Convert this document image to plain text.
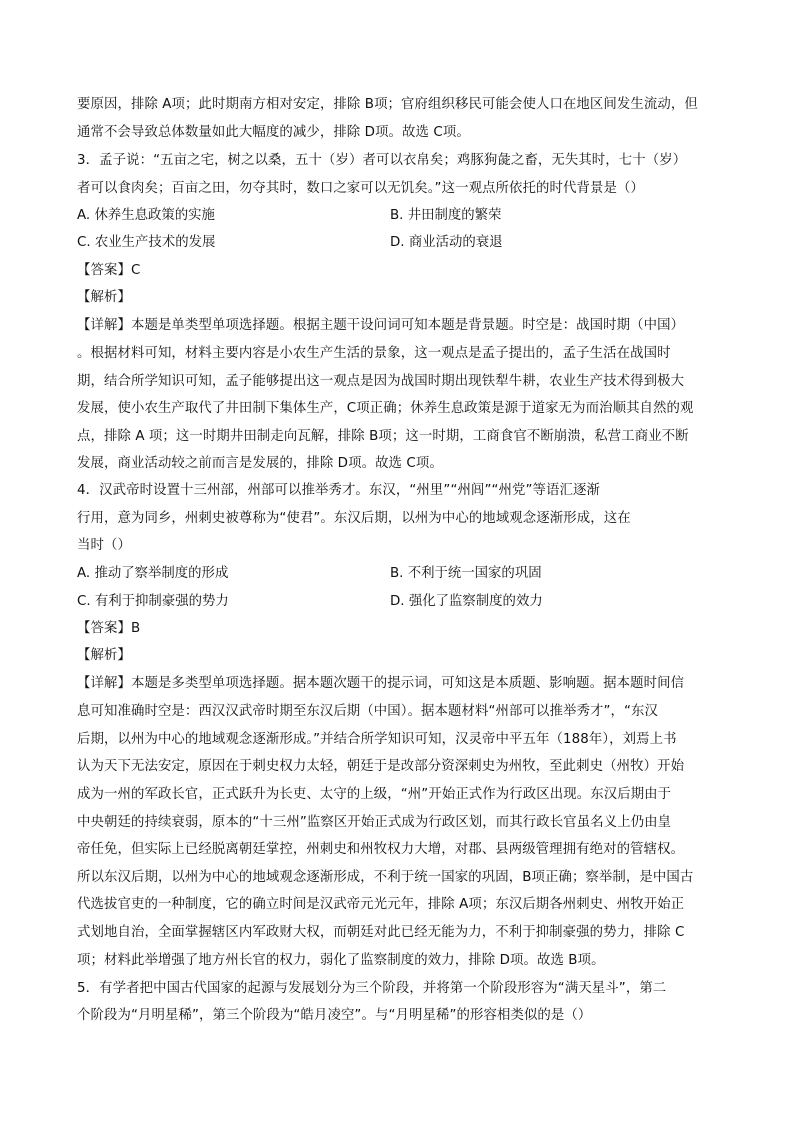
要原因，排除 A项；此时期南方相对安定，排除 B项；官府组织移民可能会使人口在地区间发生流动，但
通常不会导致总体数量如此大幅度的减少，排除 D项。故选 C项。
3．孟子说：“五亩之宅，树之以桑，五十（岁）者可以衣帛矣；鸡豚狗彘之畜，无失其时，七十（岁）
者可以食肉矣；百亩之田，勿夺其时，数口之家可以无饥矣。”这一观点所依托的时代背景是（）
A. 休养生息政策的实施	B. 井田制度的繁荣
C. 农业生产技术的发展	D. 商业活动的衰退
【答案】C
【解析】
【详解】本题是单类型单项选择题。根据主题干设问词可知本题是背景题。时空是：战国时期（中国）
。根据材料可知，材料主要内容是小农生产生活的景象，这一观点是孟子提出的，孟子生活在战国时
期，结合所学知识可知，孟子能够提出这一观点是因为战国时期出现铁犁牛耕，农业生产技术得到极大
发展，使小农生产取代了井田制下集体生产，C项正确；休养生息政策是源于道家无为而治顺其自然的观
点，排除 A 项；这一时期井田制走向瓦解，排除 B项；这一时期，工商食官不断崩溃，私营工商业不断
发展，商业活动较之前而言是发展的，排除 D项。故选 C项。
4．汉武帝时设置十三州部，州部可以推举秀才。东汉，“州里”“州闾”“州党”等语汇逐渐
行用，意为同乡，州刺史被尊称为“使君”。东汉后期，以州为中心的地域观念逐渐形成，这在
当时（）
A. 推动了察举制度的形成	B. 不利于统一国家的巩固
C. 有利于抑制豪强的势力	D. 强化了监察制度的效力
【答案】B
【解析】
【详解】本题是多类型单项选择题。据本题次题干的提示词，可知这是本质题、影响题。据本题时间信
息可知准确时空是：西汉汉武帝时期至东汉后期（中国）。据本题材料“州部可以推举秀才”，“东汉
后期，以州为中心的地域观念逐渐形成。”并结合所学知识可知，汉灵帝中平五年（188年），刘焉上书
认为天下无法安定，原因在于刺史权力太轻，朝廷于是改部分资深刺史为州牧，至此刺史（州牧）开始
成为一州的军政长官，正式跃升为长吏、太守的上级，“州”开始正式作为行政区出现。东汉后期由于
中央朝廷的持续衰弱，原本的“十三州”监察区开始正式成为行政区划，而其行政长官虽名义上仍由皇
帝任免，但实际上已经脱离朝廷掌控，州刺史和州牧权力大增，对郡、县两级管理拥有绝对的管辖权。
所以东汉后期，以州为中心的地域观念逐渐形成，不利于统一国家的巩固，B项正确；察举制，是中国古
代选拔官吏的一种制度，它的确立时间是汉武帝元光元年，排除 A项；东汉后期各州刺史、州牧开始正
式划地自治，全面掌握辖区内军政财大权，而朝廷对此已经无能为力，不利于抑制豪强的势力，排除 C
项；材料此举增强了地方州长官的权力，弱化了监察制度的效力，排除 D项。故选 B项。
5．有学者把中国古代国家的起源与发展划分为三个阶段，并将第一个阶段形容为“满天星斗”，第二
个阶段为“月明星稀”，第三个阶段为“皓月凌空”。与“月明星稀”的形容相类似的是（）
